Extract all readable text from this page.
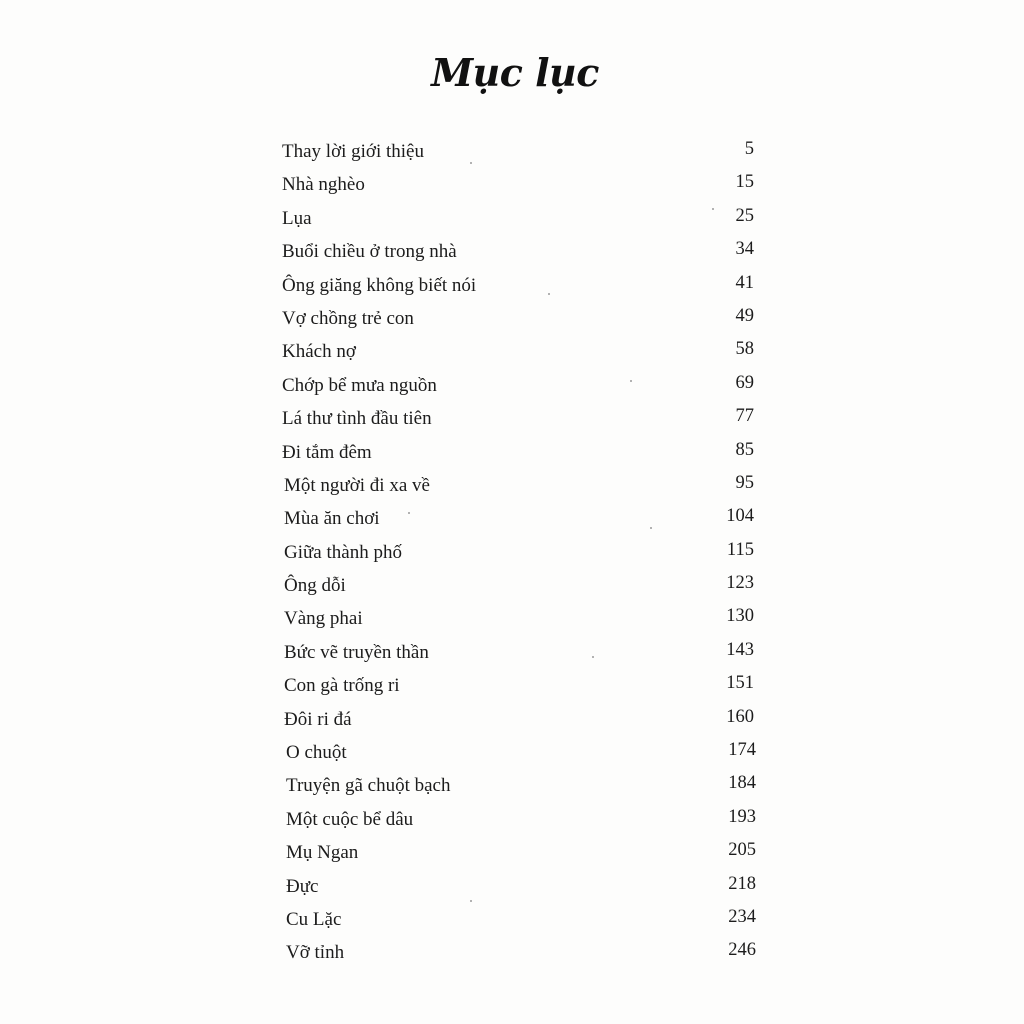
Mục lục
Thay lời giới thiệu	5
Nhà nghèo	15
Lụa	25
Buổi chiều ở trong nhà	34
Ông giăng không biết nói	41
Vợ chồng trẻ con	49
Khách nợ	58
Chớp bể mưa nguồn	69
Lá thư tình đầu tiên	77
Đi tắm đêm	85
Một người đi xa về	95
Mùa ăn chơi	104
Giữa thành phố	115
Ông dỗi	123
Vàng phai	130
Bức vẽ truyền thần	143
Con gà trống ri	151
Đôi ri đá	160
O chuột	174
Truyện gã chuột bạch	184
Một cuộc bể dâu	193
Mụ Ngan	205
Đực	218
Cu Lặc	234
Vỡ tỉnh	246
